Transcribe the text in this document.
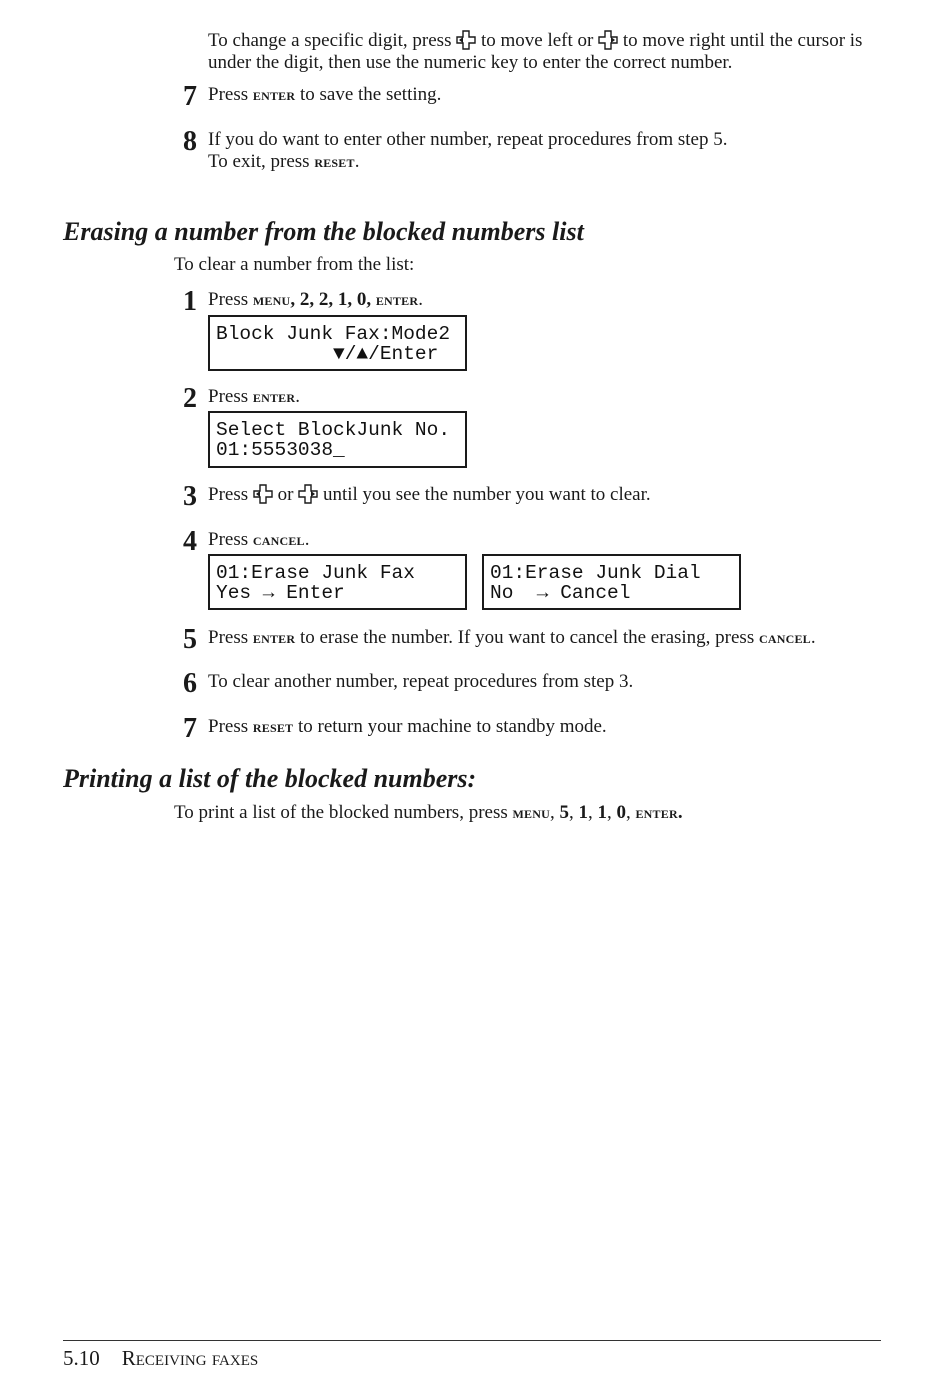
To change a specific digit, press to move left or to move right until the cursor is
under the digit, then use the numeric key to enter the correct number.
7 Press enter to save the setting.
8 If you do want to enter other number, repeat procedures from step 5.
To exit, press reset.
Erasing a number from the blocked numbers list
To clear a number from the list:
1 Press menu, 2, 2, 1, 0, enter.
Block Junk Fax:Mode2
▼/▲/Enter
2 Press enter.
Select BlockJunk No.
01:5553038_
3 Press or until you see the number you want to clear.
4 Press cancel.
01:Erase Junk Fax
Yes → Enter
01:Erase Junk Dial
No  → Cancel
5 Press enter to erase the number. If you want to cancel the erasing, press cancel.
6 To clear another number, repeat procedures from step 3.
7 Press reset to return your machine to standby mode.
Printing a list of the blocked numbers:
To print a list of the blocked numbers, press menu, 5, 1, 1, 0, enter.
5.10 Receiving faxes
